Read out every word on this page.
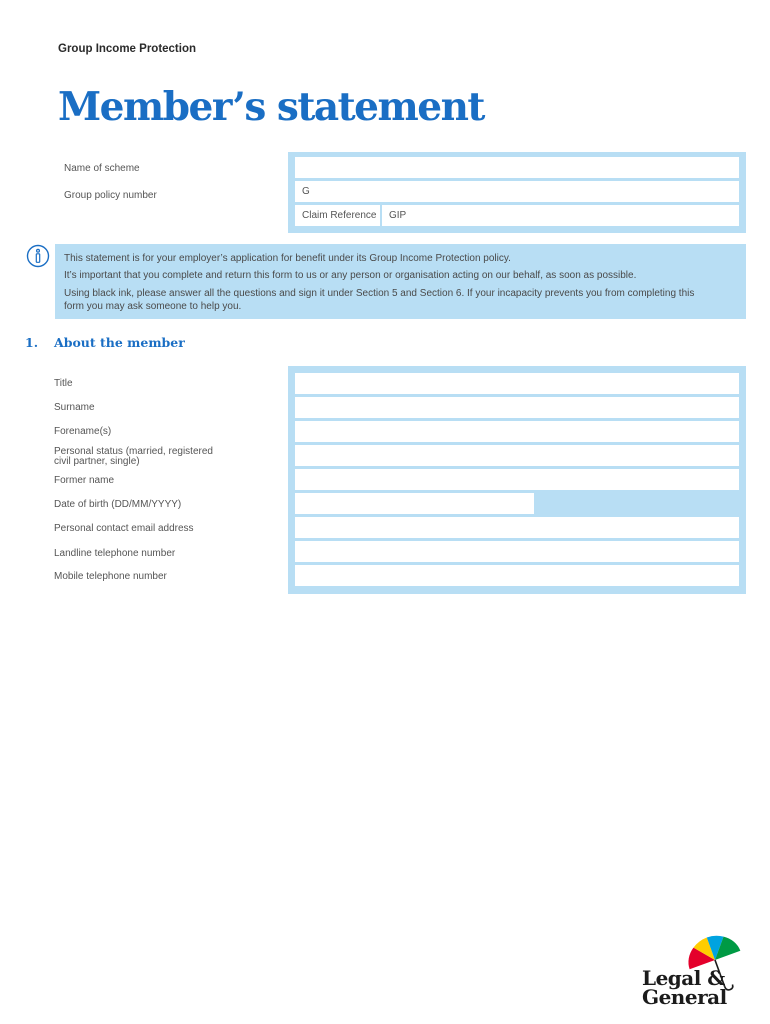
Group Income Protection
Member’s statement
Name of scheme
Group policy number	G
Claim Reference	GIP
This statement is for your employer’s application for benefit under its Group Income Protection policy.
It’s important that you complete and return this form to us or any person or organisation acting on our behalf, as soon as possible.
Using black ink, please answer all the questions and sign it under Section 5 and Section 6. If your incapacity prevents you from completing this
form you may ask someone to help you.
1. About the member
Title
Surname
Forename(s)
Personal status (married, registered
civil partner, single)
Former name
Date of birth (DD/MM/YYYY)
Personal contact email address
Landline telephone number
Mobile telephone number
Legal &
General
